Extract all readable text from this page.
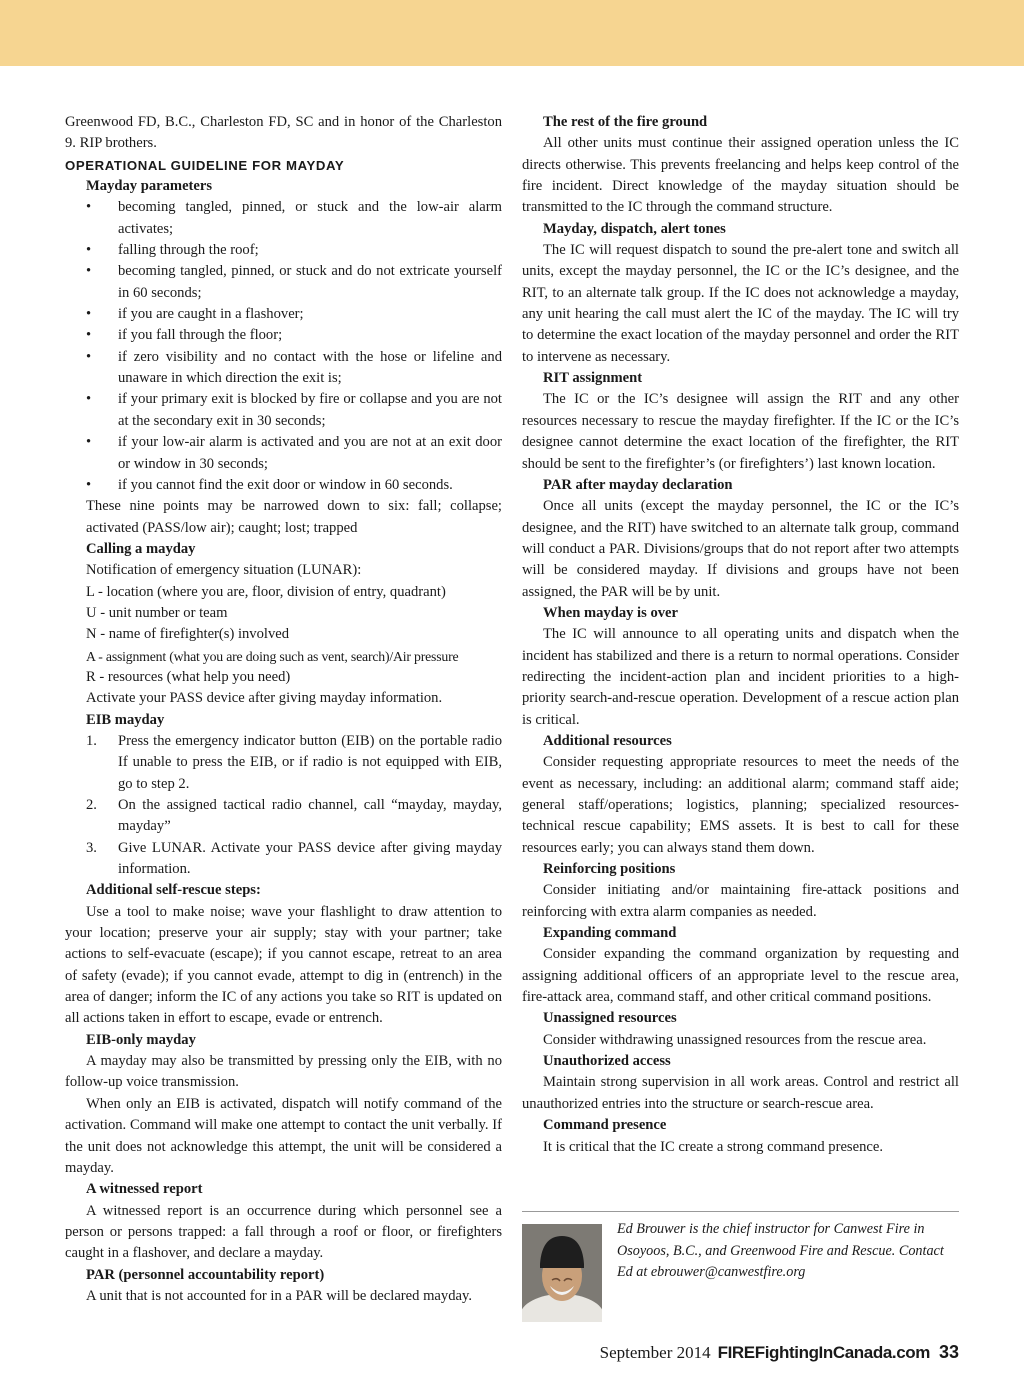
Greenwood FD, B.C., Charleston FD, SC and in honor of the Charleston 9. RIP brothers.

OPERATIONAL GUIDELINE FOR MAYDAY

Mayday parameters

• becoming tangled, pinned, or stuck and the low-air alarm activates;
• falling through the roof;
• becoming tangled, pinned, or stuck and do not extricate yourself in 60 seconds;
• if you are caught in a flashover;
• if you fall through the floor;
• if zero visibility and no contact with the hose or lifeline and unaware in which direction the exit is;
• if your primary exit is blocked by fire or collapse and you are not at the secondary exit in 30 seconds;
• if your low-air alarm is activated and you are not at an exit door or window in 30 seconds;
• if you cannot find the exit door or window in 60 seconds.

These nine points may be narrowed down to six: fall; collapse; activated (PASS/low air); caught; lost; trapped

Calling a mayday

Notification of emergency situation (LUNAR):

L - location (where you are, floor, division of entry, quadrant)

U - unit number or team

N - name of firefighter(s) involved

A - assignment (what you are doing such as vent, search)/Air pressure

R - resources (what help you need)

Activate your PASS device after giving mayday information.

EIB mayday

1. Press the emergency indicator button (EIB) on the portable radio If unable to press the EIB, or if radio is not equipped with EIB, go to step 2.
2. On the assigned tactical radio channel, call “mayday, mayday, mayday”
3. Give LUNAR. Activate your PASS device after giving mayday information.

Additional self-rescue steps:

Use a tool to make noise; wave your flashlight to draw attention to your location; preserve your air supply; stay with your partner; take actions to self-evacuate (escape); if you cannot escape, retreat to an area of safety (evade); if you cannot evade, attempt to dig in (entrench) in the area of danger; inform the IC of any actions you take so RIT is updated on all actions taken in effort to escape, evade or entrench.

EIB-only mayday

A mayday may also be transmitted by pressing only the EIB, with no follow-up voice transmission.

When only an EIB is activated, dispatch will notify command of the activation. Command will make one attempt to contact the unit verbally. If the unit does not acknowledge this attempt, the unit will be considered a mayday.

A witnessed report

A witnessed report is an occurrence during which personnel see a person or persons trapped: a fall through a roof or floor, or firefighters caught in a flashover, and declare a mayday.

PAR (personnel accountability report)

A unit that is not accounted for in a PAR will be declared mayday.

The rest of the fire ground

All other units must continue their assigned operation unless the IC directs otherwise. This prevents freelancing and helps keep control of the fire incident. Direct knowledge of the mayday situation should be transmitted to the IC through the command structure.

Mayday, dispatch, alert tones

The IC will request dispatch to sound the pre-alert tone and switch all units, except the mayday personnel, the IC or the IC’s designee, and the RIT, to an alternate talk group. If the IC does not acknowledge a mayday, any unit hearing the call must alert the IC of the mayday. The IC will try to determine the exact location of the mayday personnel and order the RIT to intervene as necessary.

RIT assignment

The IC or the IC’s designee will assign the RIT and any other resources necessary to rescue the mayday firefighter. If the IC or the IC’s designee cannot determine the exact location of the firefighter, the RIT should be sent to the firefighter’s (or firefighters’) last known location.

PAR after mayday declaration

Once all units (except the mayday personnel, the IC or the IC’s designee, and the RIT) have switched to an alternate talk group, command will conduct a PAR. Divisions/groups that do not report after two attempts will be considered mayday. If divisions and groups have not been assigned, the PAR will be by unit.

When mayday is over

The IC will announce to all operating units and dispatch when the incident has stabilized and there is a return to normal operations. Consider redirecting the incident-action plan and incident priorities to a high-priority search-and-rescue operation. Development of a rescue action plan is critical.

Additional resources

Consider requesting appropriate resources to meet the needs of the event as necessary, including: an additional alarm; command staff aide; general staff/operations; logistics, planning; specialized resources-technical rescue capability; EMS assets. It is best to call for these resources early; you can always stand them down.

Reinforcing positions

Consider initiating and/or maintaining fire-attack positions and reinforcing with extra alarm companies as needed.

Expanding command

Consider expanding the command organization by requesting and assigning additional officers of an appropriate level to the rescue area, fire-attack area, command staff, and other critical command positions.

Unassigned resources

Consider withdrawing unassigned resources from the rescue area.

Unauthorized access

Maintain strong supervision in all work areas. Control and restrict all unauthorized entries into the structure or search-rescue area.

Command presence

It is critical that the IC create a strong command presence.

Ed Brouwer is the chief instructor for Canwest Fire in Osoyoos, B.C., and Greenwood Fire and Rescue. Contact Ed at ebrouwer@canwestfire.org

September 2014 FIREFightingInCanada.com 33
